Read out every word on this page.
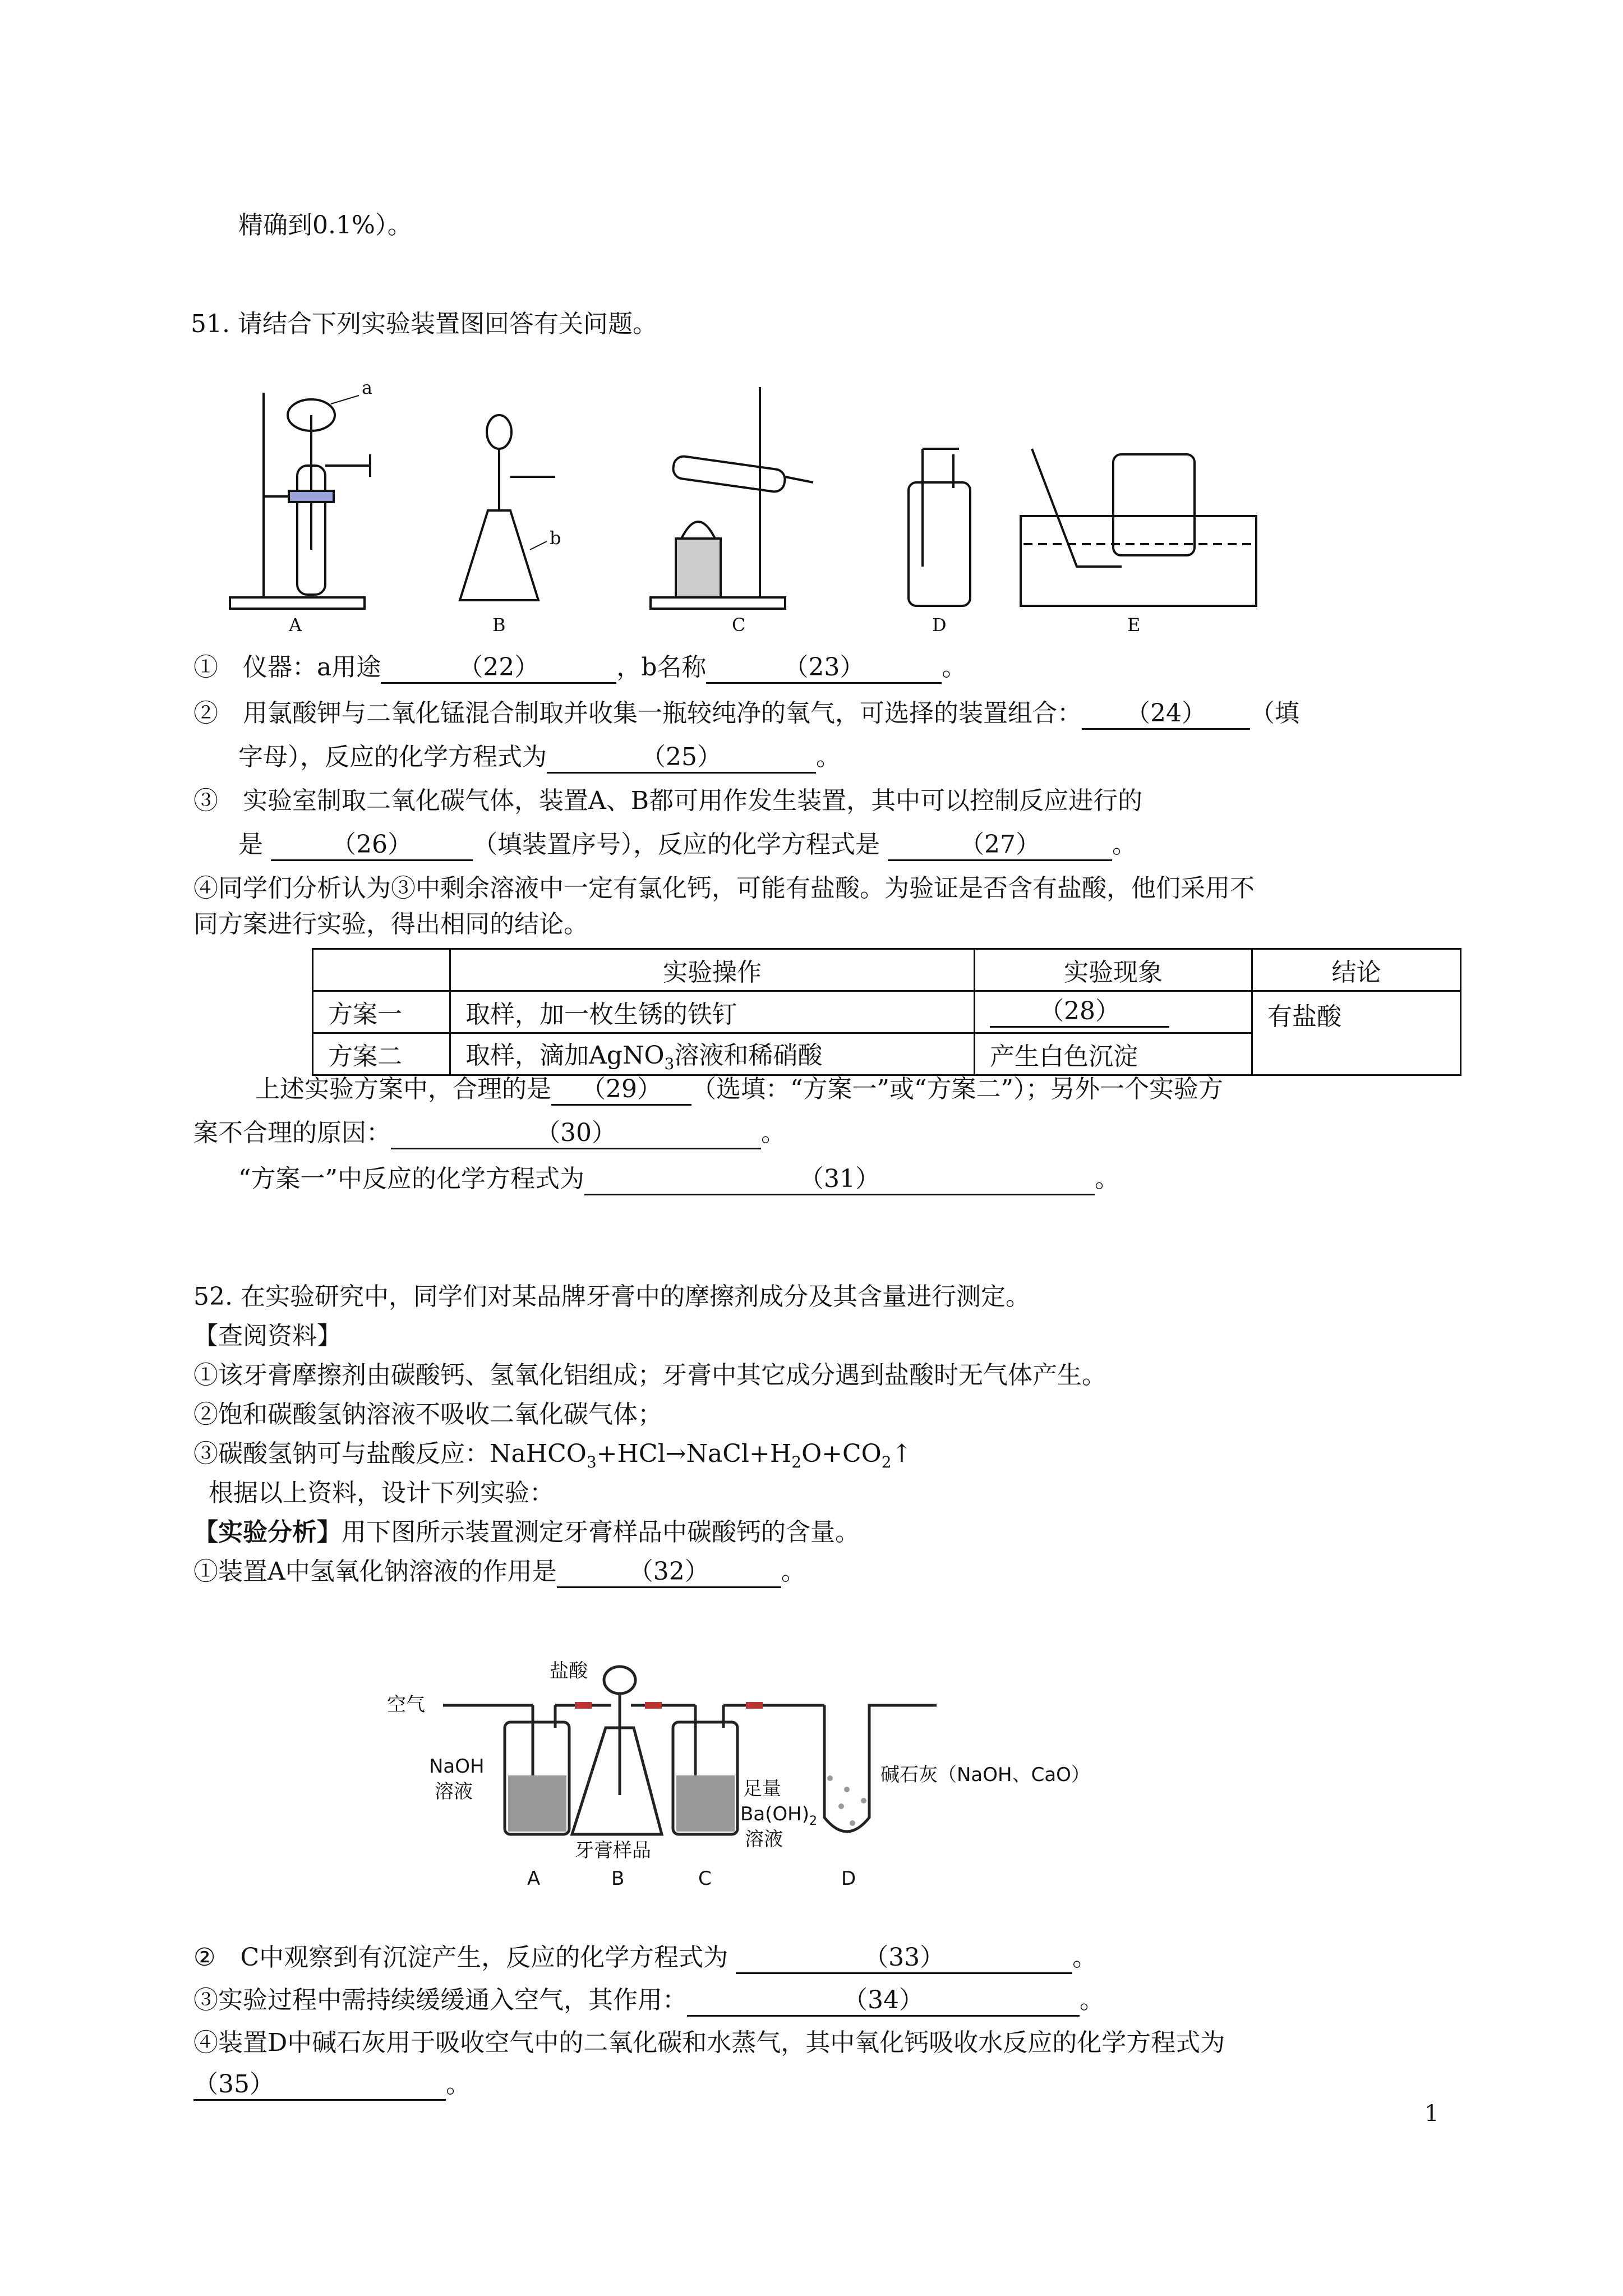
精确到0.1%）。
51. 请结合下列实验装置图回答有关问题。
A	B	C	D	E
a
b
①　仪器：a用途	（22）	，b名称	（23）	。
②　用氯酸钾与二氧化锰混合制取并收集一瓶较纯净的氧气，可选择的装置组合： （24） （填
字母），反应的化学方程式为	（25）	。
③　实验室制取二氧化碳气体，装置A、B都可用作发生装置，其中可以控制反应进行的
是	（26） （填装置序号），反应的化学方程式是	（27）	。
④同学们分析认为③中剩余溶液中一定有氯化钙，可能有盐酸。为验证是否含有盐酸，他们采用不
同方案进行实验，得出相同的结论。
	实验操作	实验现象	结论
方案一	取样，加一枚生锈的铁钉	（28）	有盐酸
方案二	取样，滴加AgNO$_3$溶液和稀硝酸	产生白色沉淀	
上述实验方案中，合理的是 （29） （选填：“方案一”或“方案二”）；另外一个实验方
案不合理的原因：	（30）	。
“方案一”中反应的化学方程式为	（31）	。
52. 在实验研究中，同学们对某品牌牙膏中的摩擦剂成分及其含量进行测定。
【查阅资料】
①该牙膏摩擦剂由碳酸钙、氢氧化铝组成；牙膏中其它成分遇到盐酸时无气体产生。
②饱和碳酸氢钠溶液不吸收二氧化碳气体；
③碳酸氢钠可与盐酸反应：$NaHCO_3+HCl\to NaCl+H_2O+CO_2↑$
根据以上资料，设计下列实验：
【实验分析】用下图所示装置测定牙膏样品中碳酸钙的含量。
①装置A中氢氧化钠溶液的作用是	（32）	。
空气
盐酸
NaOH
溶液
牙膏样品
足量
$Ba(OH)_2$
溶液
碱石灰（NaOH、CaO）
A	B	C	D
②　C中观察到有沉淀产生，反应的化学方程式为	（33）	。
③实验过程中需持续缓缓通入空气，其作用：	（34）	。
④装置D中碱石灰用于吸收空气中的二氧化碳和水蒸气，其中氧化钙吸收水反应的化学方程式为
（35）	。
1
